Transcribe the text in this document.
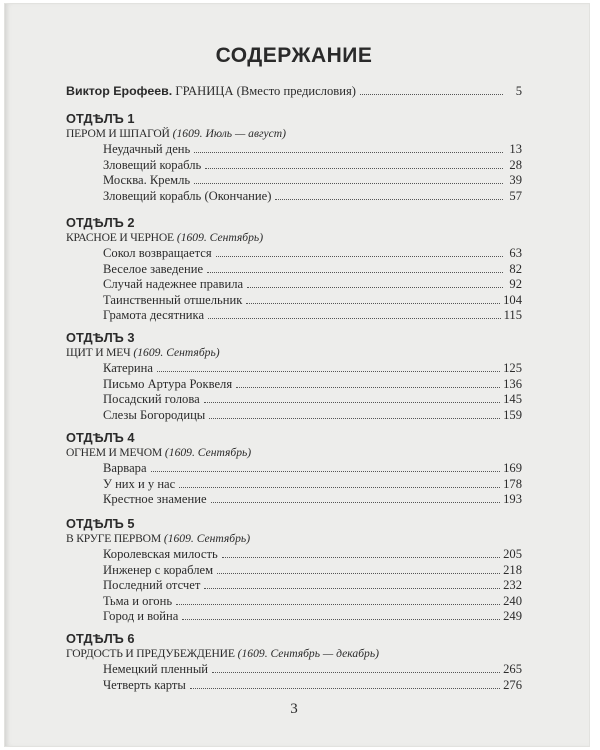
СОДЕРЖАНИЕ
Виктор Ерофеев. ГРАНИЦА (Вместо предисловия)	5
ОТДѢЛЪ 1
ПЕРОМ И ШПАГОЙ (1609. Июль — август)
Неудачный день	13
Зловещий корабль	28
Москва. Кремль	39
Зловещий корабль (Окончание)	57
ОТДѢЛЪ 2
КРАСНОЕ И ЧЕРНОЕ (1609. Сентябрь)
Сокол возвращается	63
Веселое заведение	82
Случай надежнее правила	92
Таинственный отшельник	104
Грамота десятника	115
ОТДѢЛЪ 3
ЩИТ И МЕЧ (1609. Сентябрь)
Катерина	125
Письмо Артура Роквеля	136
Посадский голова	145
Слезы Богородицы	159
ОТДѢЛЪ 4
ОГНЕМ И МЕЧОМ (1609. Сентябрь)
Варвара	169
У них и у нас	178
Крестное знамение	193
ОТДѢЛЪ 5
В КРУГЕ ПЕРВОМ (1609. Сентябрь)
Королевская милость	205
Инженер с кораблем	218
Последний отсчет	232
Тьма и огонь	240
Город и война	249
ОТДѢЛЪ 6
ГОРДОСТЬ И ПРЕДУБЕЖДЕНИЕ (1609. Сентябрь — декабрь)
Немецкий пленный	265
Четверть карты	276
3
